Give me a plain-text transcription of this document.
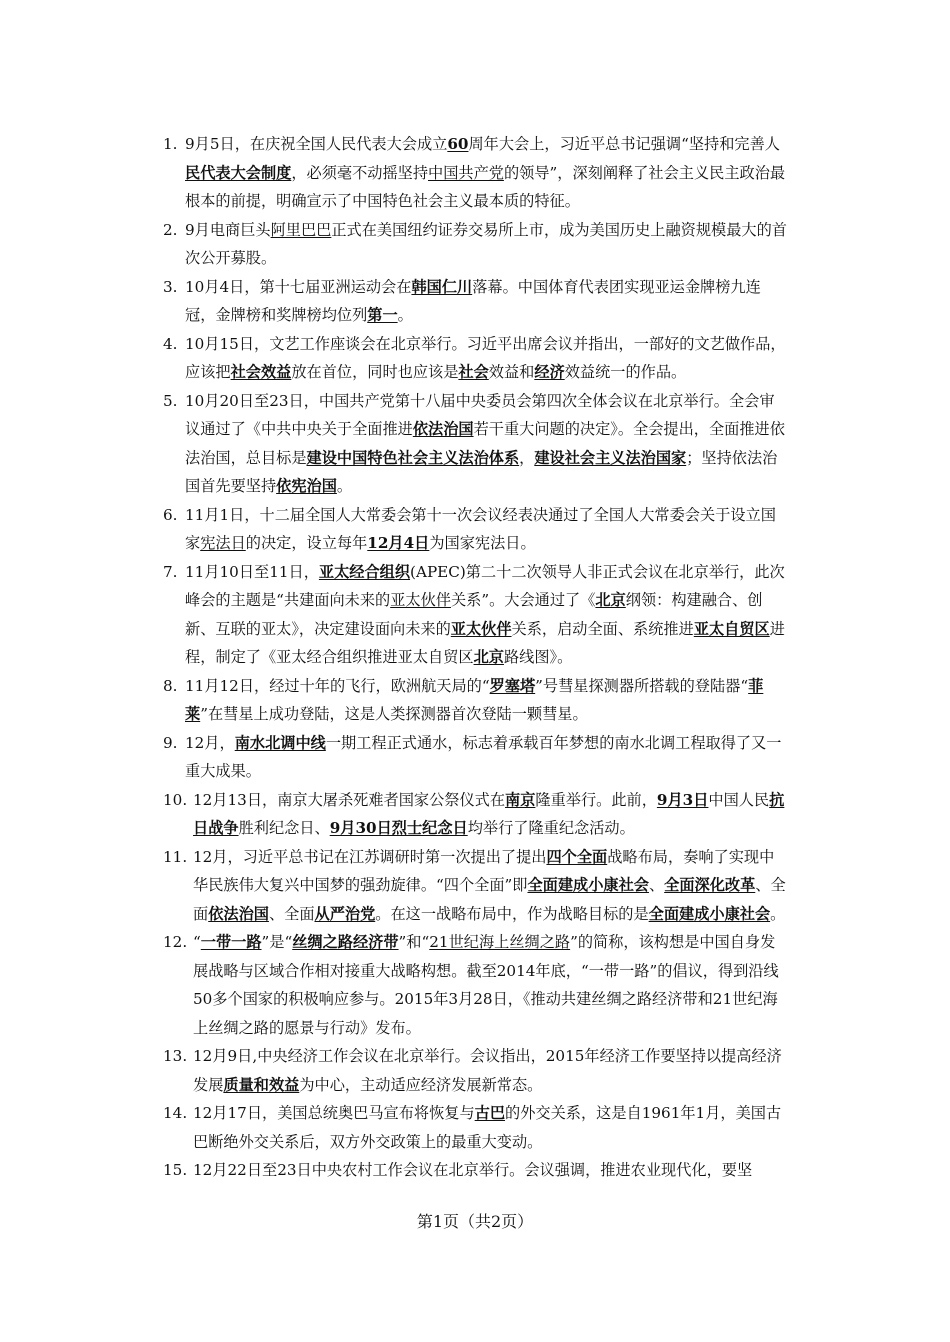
1. 9月5日，在庆祝全国人民代表大会成立60周年大会上，习近平总书记强调“坚持和完善人民代表大会制度，必须毫不动摇坚持中国共产党的领导”，深刻阐释了社会主义民主政治最根本的前提，明确宣示了中国特色社会主义最本质的特征。
2. 9月电商巨头阿里巴巴正式在美国纽约证券交易所上市，成为美国历史上融资规模最大的首次公开募股。
3. 10月4日，第十七届亚洲运动会在韩国仁川落幕。中国体育代表团实现亚运金牌榜九连冠，金牌榜和奖牌榜均位列第一。
4. 10月15日，文艺工作座谈会在北京举行。习近平出席会议并指出，一部好的文艺做作品，应该把社会效益放在首位，同时也应该是社会效益和经济效益统一的作品。
5. 10月20日至23日，中国共产党第十八届中央委员会第四次全体会议在北京举行。全会审议通过了《中共中央关于全面推进依法治国若干重大问题的决定》。全会提出，全面推进依法治国，总目标是建设中国特色社会主义法治体系，建设社会主义法治国家；坚持依法治国首先要坚持依宪治国。
6. 11月1日，十二届全国人大常委会第十一次会议经表决通过了全国人大常委会关于设立国家宪法日的决定，设立每年12月4日为国家宪法日。
7. 11月10日至11日，亚太经合组织(APEC)第二十二次领导人非正式会议在北京举行，此次峰会的主题是“共建面向未来的亚太伙伴关系”。大会通过了《北京纲领：构建融合、创新、互联的亚太》，决定建设面向未来的亚太伙伴关系，启动全面、系统推进亚太自贸区进程，制定了《亚太经合组织推进亚太自贸区北京路线图》。
8. 11月12日，经过十年的飞行，欧洲航天局的“罗塞塔”号彗星探测器所搭载的登陆器“菲莱”在彗星上成功登陆，这是人类探测器首次登陆一颗彗星。
9. 12月，南水北调中线一期工程正式通水，标志着承载百年梦想的南水北调工程取得了又一重大成果。
10. 12月13日，南京大屠杀死难者国家公祭仪式在南京隆重举行。此前，9月3日中国人民抗日战争胜利纪念日、9月30日烈士纪念日均举行了隆重纪念活动。
11. 12月，习近平总书记在江苏调研时第一次提出了提出四个全面战略布局，奏响了实现中华民族伟大复兴中国梦的强劲旋律。“四个全面”即全面建成小康社会、全面深化改革、全面依法治国、全面从严治党。在这一战略布局中，作为战略目标的是全面建成小康社会。
12. “一带一路”是“丝绸之路经济带”和“21世纪海上丝绸之路”的简称，该构想是中国自身发展战略与区域合作相对接重大战略构想。截至2014年底，“一带一路”的倡议，得到沿线50多个国家的积极响应参与。2015年3月28日，《推动共建丝绸之路经济带和21世纪海上丝绸之路的愿景与行动》发布。
13. 12月9日,中央经济工作会议在北京举行。会议指出，2015年经济工作要坚持以提高经济发展质量和效益为中心，主动适应经济发展新常态。
14. 12月17日，美国总统奥巴马宣布将恢复与古巴的外交关系，这是自1961年1月，美国古巴断绝外交关系后，双方外交政策上的最重大变动。
15. 12月22日至23日中央农村工作会议在北京举行。会议强调，推进农业现代化，要坚
第1页（共2页）
